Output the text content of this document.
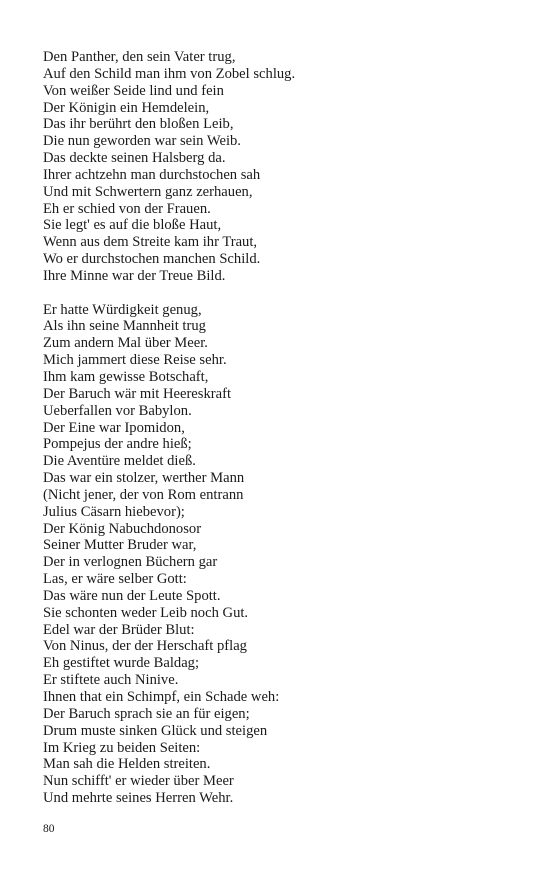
Den Panther, den sein Vater trug,
Auf den Schild man ihm von Zobel schlug.
Von weißer Seide lind und fein
Der Königin ein Hemdelein,
Das ihr berührt den bloßen Leib,
Die nun geworden war sein Weib.
Das deckte seinen Halsberg da.
Ihrer achtzehn man durchstochen sah
Und mit Schwertern ganz zerhauen,
Eh er schied von der Frauen.
Sie legt' es auf die bloße Haut,
Wenn aus dem Streite kam ihr Traut,
Wo er durchstochen manchen Schild.
Ihre Minne war der Treue Bild.
Er hatte Würdigkeit genug,
Als ihn seine Mannheit trug
Zum andern Mal über Meer.
Mich jammert diese Reise sehr.
Ihm kam gewisse Botschaft,
Der Baruch wär mit Heereskraft
Ueberfallen vor Babylon.
Der Eine war Ipomidon,
Pompejus der andre hieß;
Die Aventüre meldet dieß.
Das war ein stolzer, werther Mann
(Nicht jener, der von Rom entrann
Julius Cäsarn hiebevor);
Der König Nabuchdonosor
Seiner Mutter Bruder war,
Der in verlognen Büchern gar
Las, er wäre selber Gott:
Das wäre nun der Leute Spott.
Sie schonten weder Leib noch Gut.
Edel war der Brüder Blut:
Von Ninus, der der Herschaft pflag
Eh gestiftet wurde Baldag;
Er stiftete auch Ninive.
Ihnen that ein Schimpf, ein Schade weh:
Der Baruch sprach sie an für eigen;
Drum muste sinken Glück und steigen
Im Krieg zu beiden Seiten:
Man sah die Helden streiten.
Nun schifft' er wieder über Meer
Und mehrte seines Herren Wehr.
80
